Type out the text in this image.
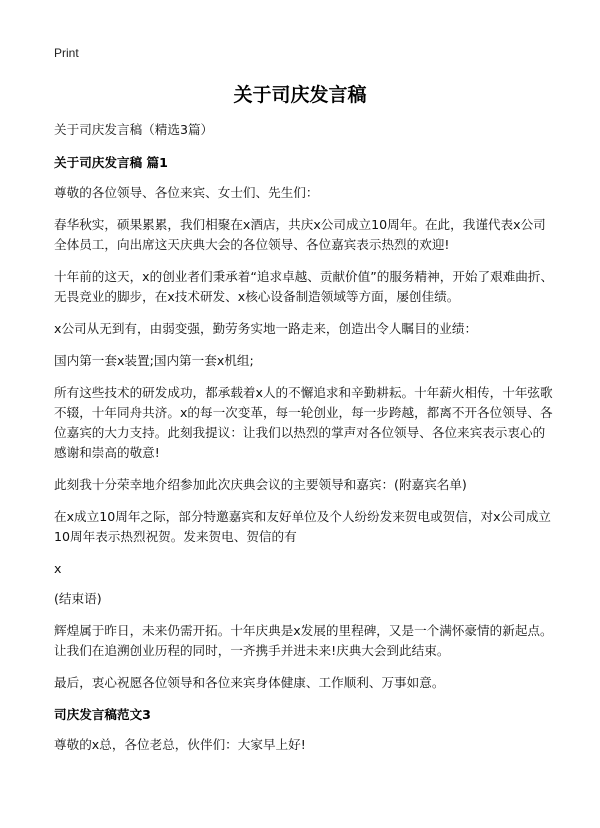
Print
关于司庆发言稿

关于司庆发言稿（精选3篇）

关于司庆发言稿 篇1

尊敬的各位领导、各位来宾、女士们、先生们：

春华秋实，硕果累累，我们相聚在x酒店，共庆x公司成立10周年。在此，我谨代表x公司全体员工，向出席这天庆典大会的各位领导、各位嘉宾表示热烈的欢迎!

十年前的这天，x的创业者们秉承着“追求卓越、贡献价值”的服务精神，开始了艰难曲折、无畏竞业的脚步，在x技术研发、x核心设备制造领域等方面，屡创佳绩。

x公司从无到有，由弱变强，勤劳务实地一路走来，创造出令人瞩目的业绩：

国内第一套x装置;国内第一套x机组;

所有这些技术的研发成功，都承载着x人的不懈追求和辛勤耕耘。十年薪火相传，十年弦歌不辍，十年同舟共济。x的每一次变革，每一轮创业，每一步跨越，都离不开各位领导、各位嘉宾的大力支持。此刻我提议：让我们以热烈的掌声对各位领导、各位来宾表示衷心的感谢和崇高的敬意!

此刻我十分荣幸地介绍参加此次庆典会议的主要领导和嘉宾：(附嘉宾名单)

在x成立10周年之际，部分特邀嘉宾和友好单位及个人纷纷发来贺电或贺信，对x公司成立10周年表示热烈祝贺。发来贺电、贺信的有

x

(结束语)

辉煌属于昨日，未来仍需开拓。十年庆典是x发展的里程碑，又是一个满怀豪情的新起点。让我们在追溯创业历程的同时，一齐携手并进未来!庆典大会到此结束。

最后，衷心祝愿各位领导和各位来宾身体健康、工作顺利、万事如意。

司庆发言稿范文3

尊敬的x总，各位老总，伙伴们：大家早上好!
